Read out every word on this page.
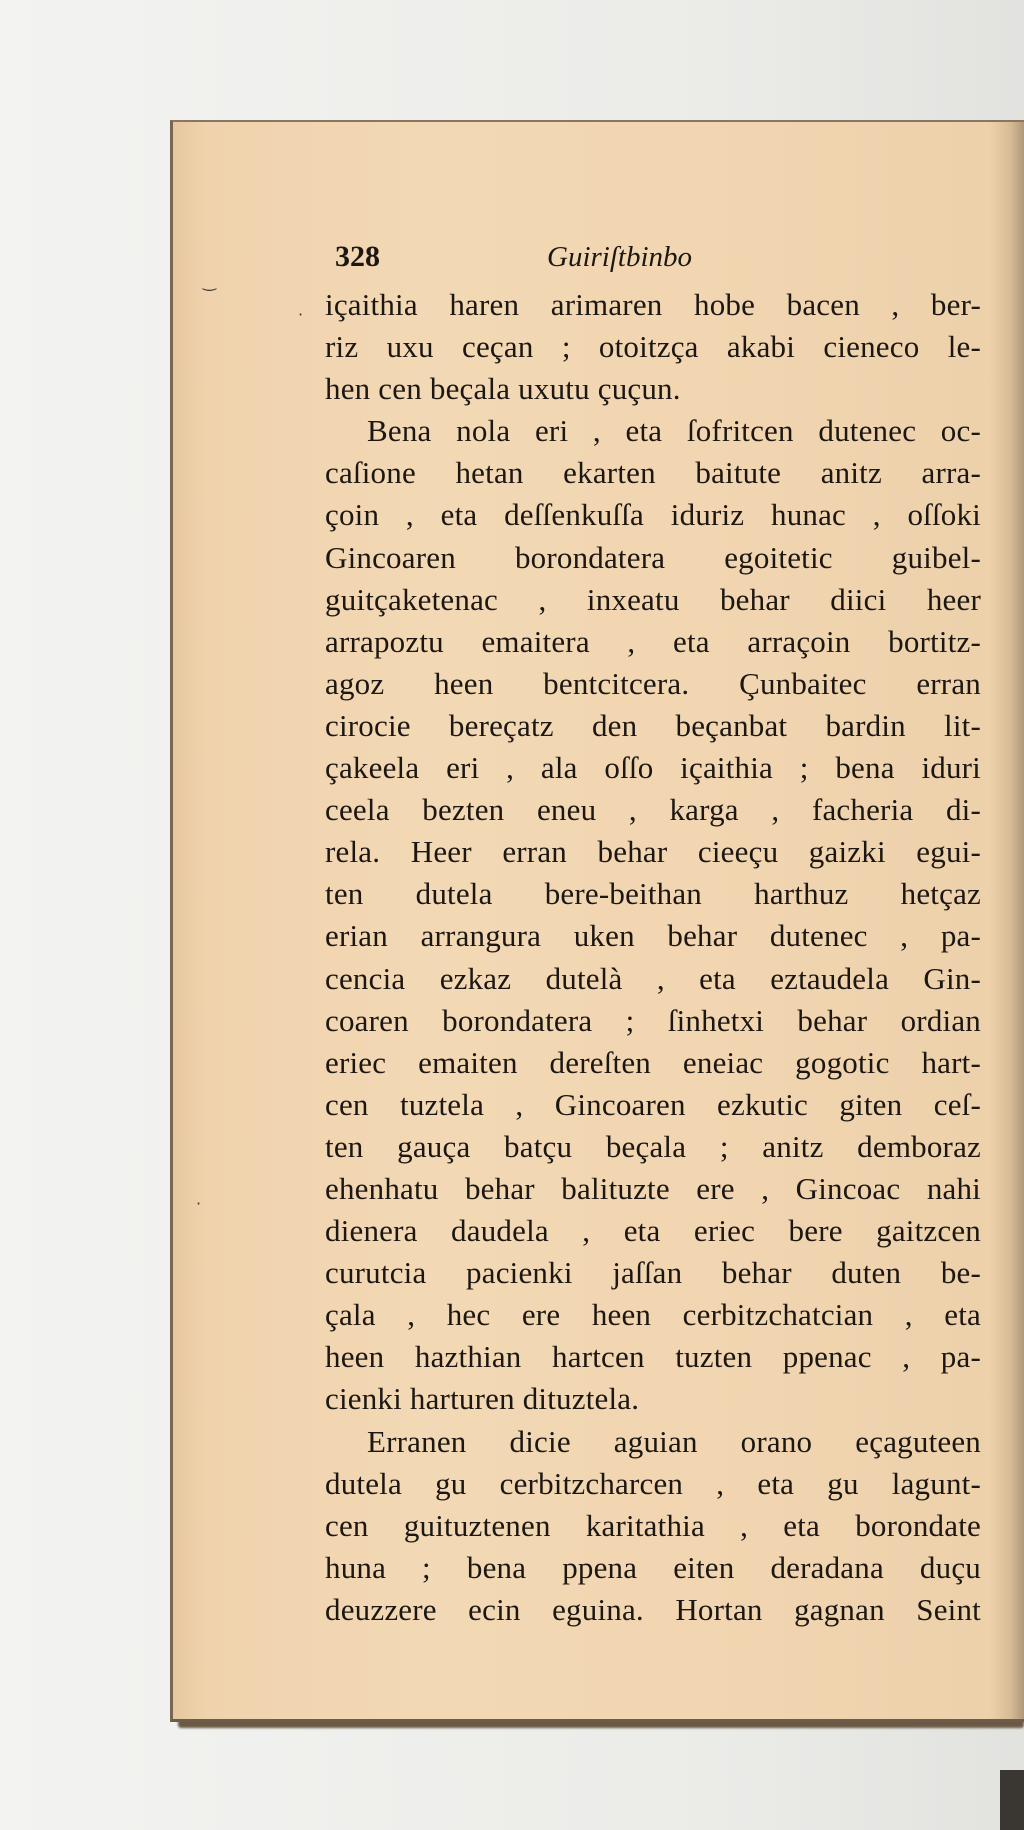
‿
·
·
328	Guiriſtbinbo
içaithia haren arimaren hobe bacen , ber-
riz uxu ceçan ; otoitzça akabi cieneco le-
hen cen beçala uxutu çuçun.
Bena nola eri , eta ſofritcen dutenec oc-
caſione hetan ekarten baitute anitz arra-
çoin , eta deſſenkuſſa iduriz hunac , oſſoki
Gincoaren borondatera egoitetic guibel-
guitçaketenac , inxeatu behar diici heer
arrapoztu emaitera , eta arraçoin bortitz-
agoz heen bentcitcera. Çunbaitec erran
cirocie bereçatz den beçanbat bardin lit-
çakeela eri , ala oſſo içaithia ; bena iduri
ceela bezten eneu , karga , facheria di-
rela. Heer erran behar cieeçu gaizki egui-
ten dutela bere-beithan harthuz hetçaz
erian arrangura uken behar dutenec , pa-
cencia ezkaz dutelà , eta eztaudela Gin-
coaren borondatera ; ſinhetxi behar ordian
eriec emaiten dereſten eneiac gogotic hart-
cen tuztela , Gincoaren ezkutic giten ceſ-
ten gauça batçu beçala ; anitz demboraz
ehenhatu behar balituzte ere , Gincoac nahi
dienera daudela , eta eriec bere gaitzcen
curutcia pacienki jaſſan behar duten be-
çala , hec ere heen cerbitzchatcian , eta
heen hazthian hartcen tuzten ppenac , pa-
cienki harturen dituztela.
Erranen dicie aguian orano eçaguteen
dutela gu cerbitzcharcen , eta gu lagunt-
cen guituztenen karitathia , eta borondate
huna ; bena ppena eiten deradana duçu
deuzzere ecin eguina. Hortan gagnan Seint
